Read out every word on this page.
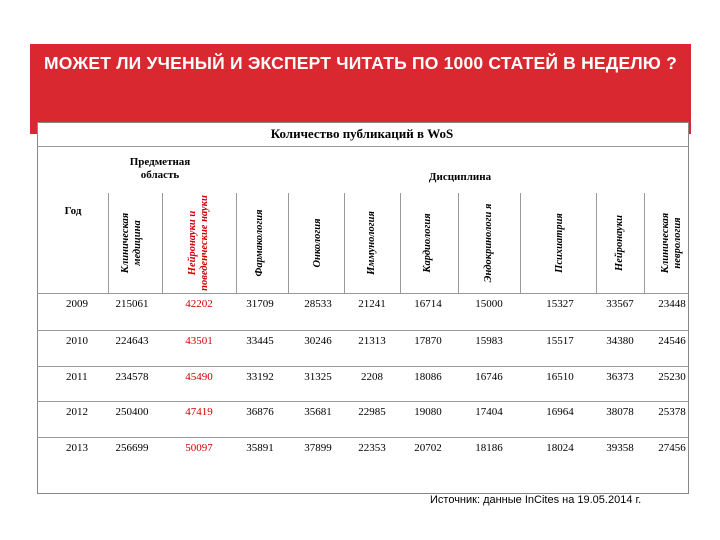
МОЖЕТ ЛИ УЧЕНЫЙ И ЭКСПЕРТ ЧИТАТЬ ПО 1000 СТАТЕЙ В НЕДЕЛЮ ?
Количество публикаций в WoS
Год
Предметная область	Дисциплина
Клиническая медицина	Нейронауки и поведенческие науки	Фармакология	Онкология	Иммунология	Кардиология	Эндокринологи я	Психиатрия	Нейронауки	Клиническая неврология
2009	215061	42202	31709	28533	21241	16714	15000	15327	33567	23448
2010	224643	43501	33445	30246	21313	17870	15983	15517	34380	24546
2011	234578	45490	33192	31325	2208	18086	16746	16510	36373	25230
2012	250400	47419	36876	35681	22985	19080	17404	16964	38078	25378
2013	256699	50097	35891	37899	22353	20702	18186	18024	39358	27456
Источник: данные InCites на 19.05.2014 г.
